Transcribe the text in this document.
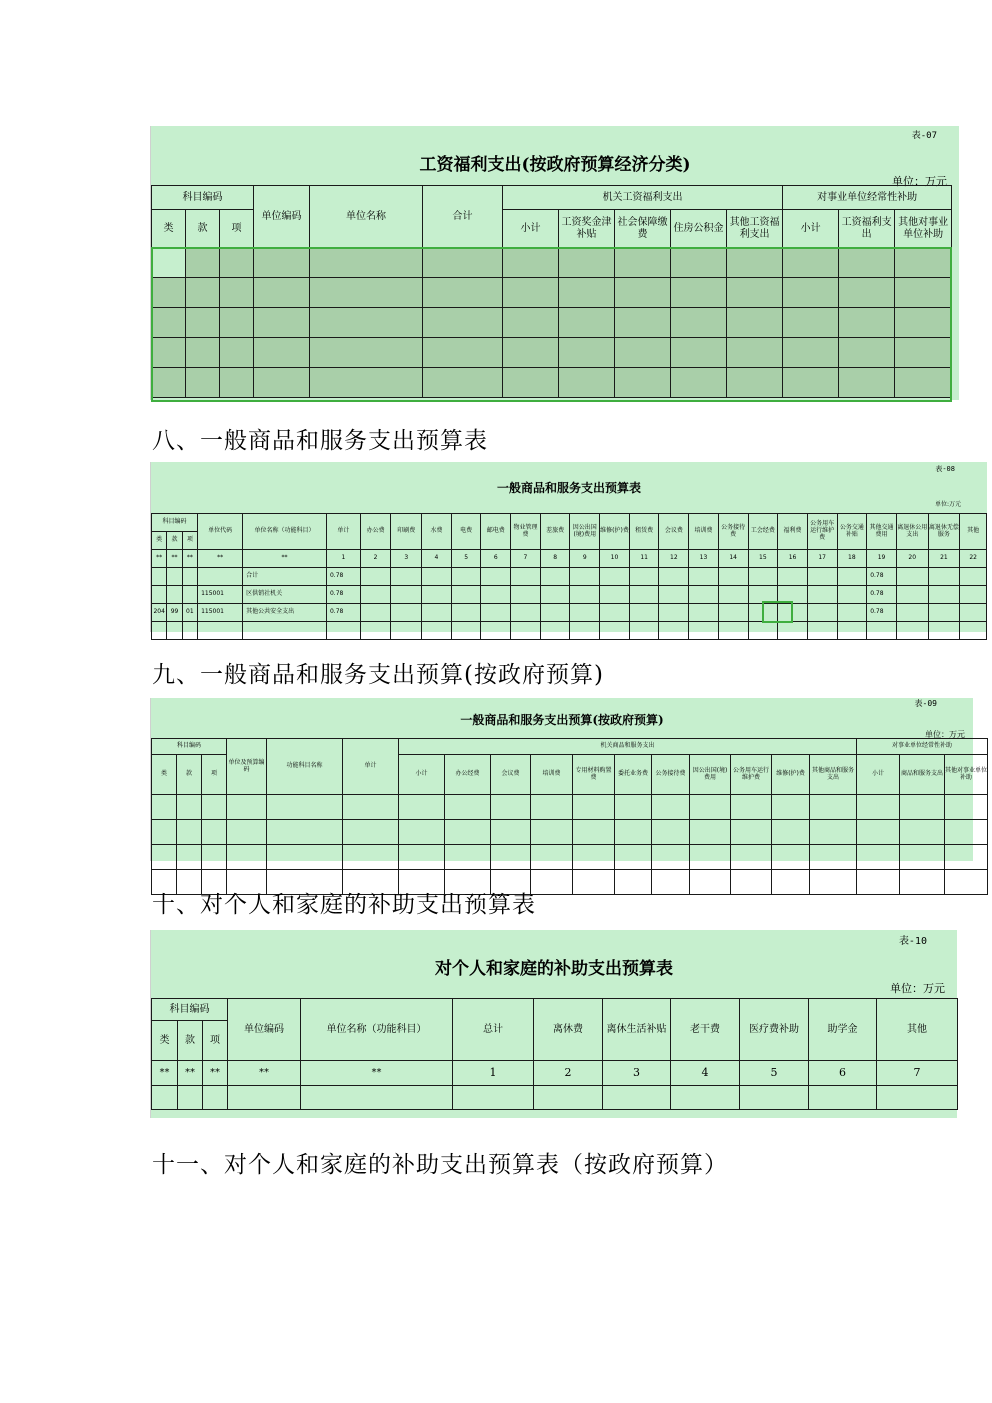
表-07
工资福利支出(按政府预算经济分类)
单位：万元
科目编码			单位编码	单位名称	合计	机关工资福利支出					对事业单位经常性补助		
类	款	项				小计	工资奖金津补贴	社会保障缴费	住房公积金	其他工资福利支出	小计	工资福利支出	其他对事业单位补助

八、一般商品和服务支出预算表
表-08
一般商品和服务支出预算表
单位:万元
科目编码			单位代码	单位名称（功能科目）	单计	办公费	印刷费	水费	电费	邮电费	物业管理费	差旅费	因公出国(境)费用	维修(护)费	租赁费	会议费	培训费	公务接待费	工会经费	福利费	公务用车运行维护费	公务交通补贴	其他交通费用	离退休公用支出	离退休无偿服务	其他
类	款	项																								
**	**	**	**	**	1	2	3	4	5	6	7	8	9	10	11	12	13	14	15	16	17	18	19	20	21	22
				合计	0.78																		0.78			
			115001	区供销社机关	0.78																		0.78			
204	99	01	115001	其他公共安全支出	0.78																		0.78			

九、一般商品和服务支出预算(按政府预算)
表-09
一般商品和服务支出预算(按政府预算)
单位：万元
科目编码			单位及预算编码	功能科目名称	单计	机关商品和服务支出											对事业单位经常性补助		

类	款	项				小计	办公经费	会议费	培训费	专用材料购置费	委托业务费	公务接待费	因公出国(境)费用	公务用车运行维护费	维修(护)费	其他商品和服务支出	小计	商品和服务支出	其他对事业单位补助

十、对个人和家庭的补助支出预算表
表-10
对个人和家庭的补助支出预算表
单位：万元
科目编码			单位编码	单位名称（功能科目）	总计	离休费	离休生活补贴	老干费	医疗费补助	助学金	其他
类	款	项									
**	**	**	**	**	1	2	3	4	5	6	7

十一、对个人和家庭的补助支出预算表（按政府预算）
